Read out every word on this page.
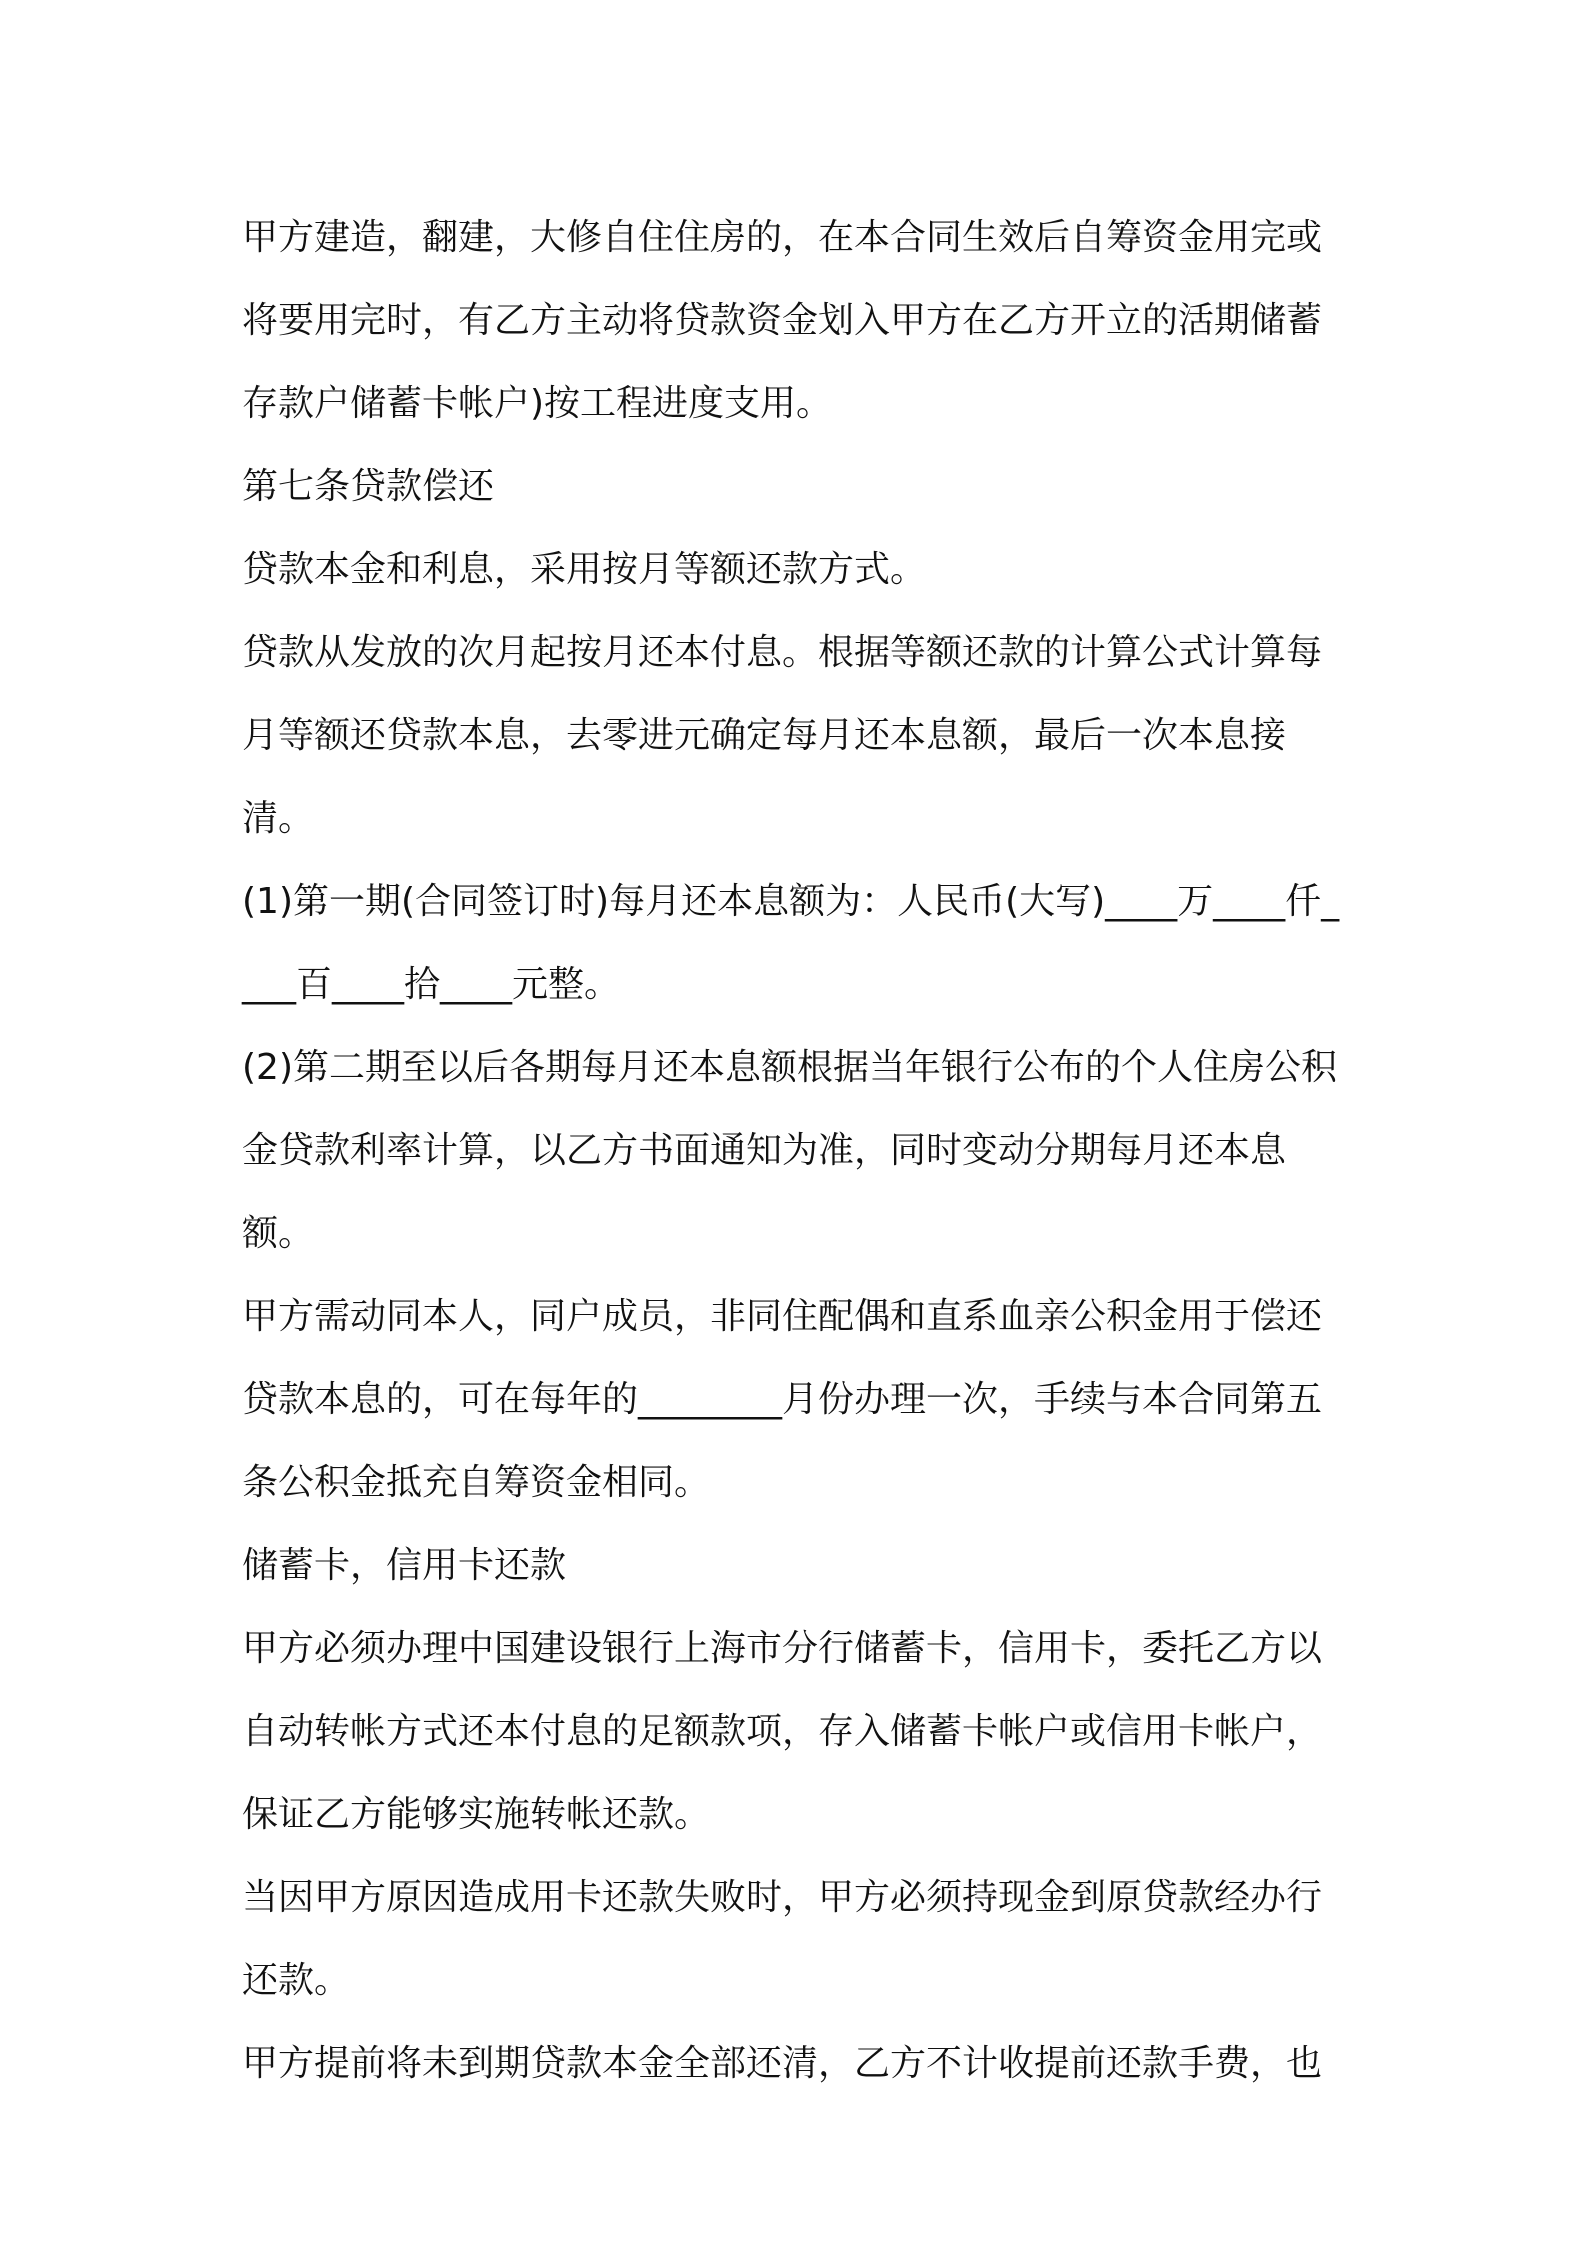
甲方建造，翻建，大修自住住房的，在本合同生效后自筹资金用完或将要用完时，有乙方主动将贷款资金划入甲方在乙方开立的活期储蓄存款户储蓄卡帐户)按工程进度支用。

第七条贷款偿还

贷款本金和利息，采用按月等额还款方式。

贷款从发放的次月起按月还本付息。根据等额还款的计算公式计算每月等额还贷款本息，去零进元确定每月还本息额，最后一次本息接清。

(1)第一期(合同签订时)每月还本息额为：人民币(大写)____万____仟____百____拾____元整。

(2)第二期至以后各期每月还本息额根据当年银行公布的个人住房公积金贷款利率计算，以乙方书面通知为准，同时变动分期每月还本息额。

甲方需动同本人，同户成员，非同住配偶和直系血亲公积金用于偿还贷款本息的，可在每年的________月份办理一次，手续与本合同第五条公积金抵充自筹资金相同。

储蓄卡，信用卡还款

甲方必须办理中国建设银行上海市分行储蓄卡，信用卡，委托乙方以自动转帐方式还本付息的足额款项，存入储蓄卡帐户或信用卡帐户，保证乙方能够实施转帐还款。

当因甲方原因造成用卡还款失败时，甲方必须持现金到原贷款经办行还款。

甲方提前将未到期贷款本金全部还清，乙方不计收提前还款手费，也
